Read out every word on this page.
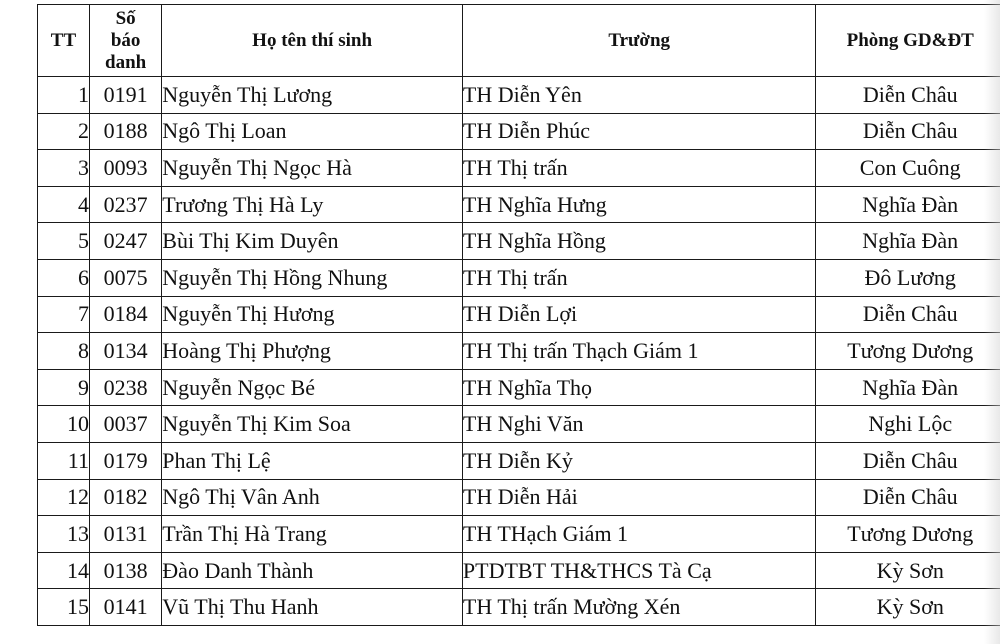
TT	Số
báo
danh	Họ tên thí sinh	Trường	Phòng GD&ĐT
1	0191	Nguyễn Thị Lương	TH Diễn Yên	Diễn Châu
2	0188	Ngô Thị Loan	TH Diễn Phúc	Diễn Châu
3	0093	Nguyễn Thị Ngọc Hà	TH Thị trấn	Con Cuông
4	0237	Trương Thị Hà Ly	TH Nghĩa Hưng	Nghĩa Đàn
5	0247	Bùi Thị Kim Duyên	TH Nghĩa Hồng	Nghĩa Đàn
6	0075	Nguyễn Thị Hồng Nhung	TH Thị trấn	Đô Lương
7	0184	Nguyễn Thị Hương	TH Diễn Lợi	Diễn Châu
8	0134	Hoàng Thị Phượng	TH Thị trấn Thạch Giám 1	Tương Dương
9	0238	Nguyễn Ngọc Bé	TH Nghĩa Thọ	Nghĩa Đàn
10	0037	Nguyễn Thị Kim Soa	TH Nghi Văn	Nghi Lộc
11	0179	Phan Thị Lệ	TH Diễn Kỷ	Diễn Châu
12	0182	Ngô Thị Vân Anh	TH Diễn Hải	Diễn Châu
13	0131	Trần Thị Hà Trang	TH THạch Giám 1	Tương Dương
14	0138	Đào Danh Thành	PTDTBT TH&THCS Tà Cạ	Kỳ Sơn
15	0141	Vũ Thị Thu Hanh	TH Thị trấn Mường Xén	Kỳ Sơn
